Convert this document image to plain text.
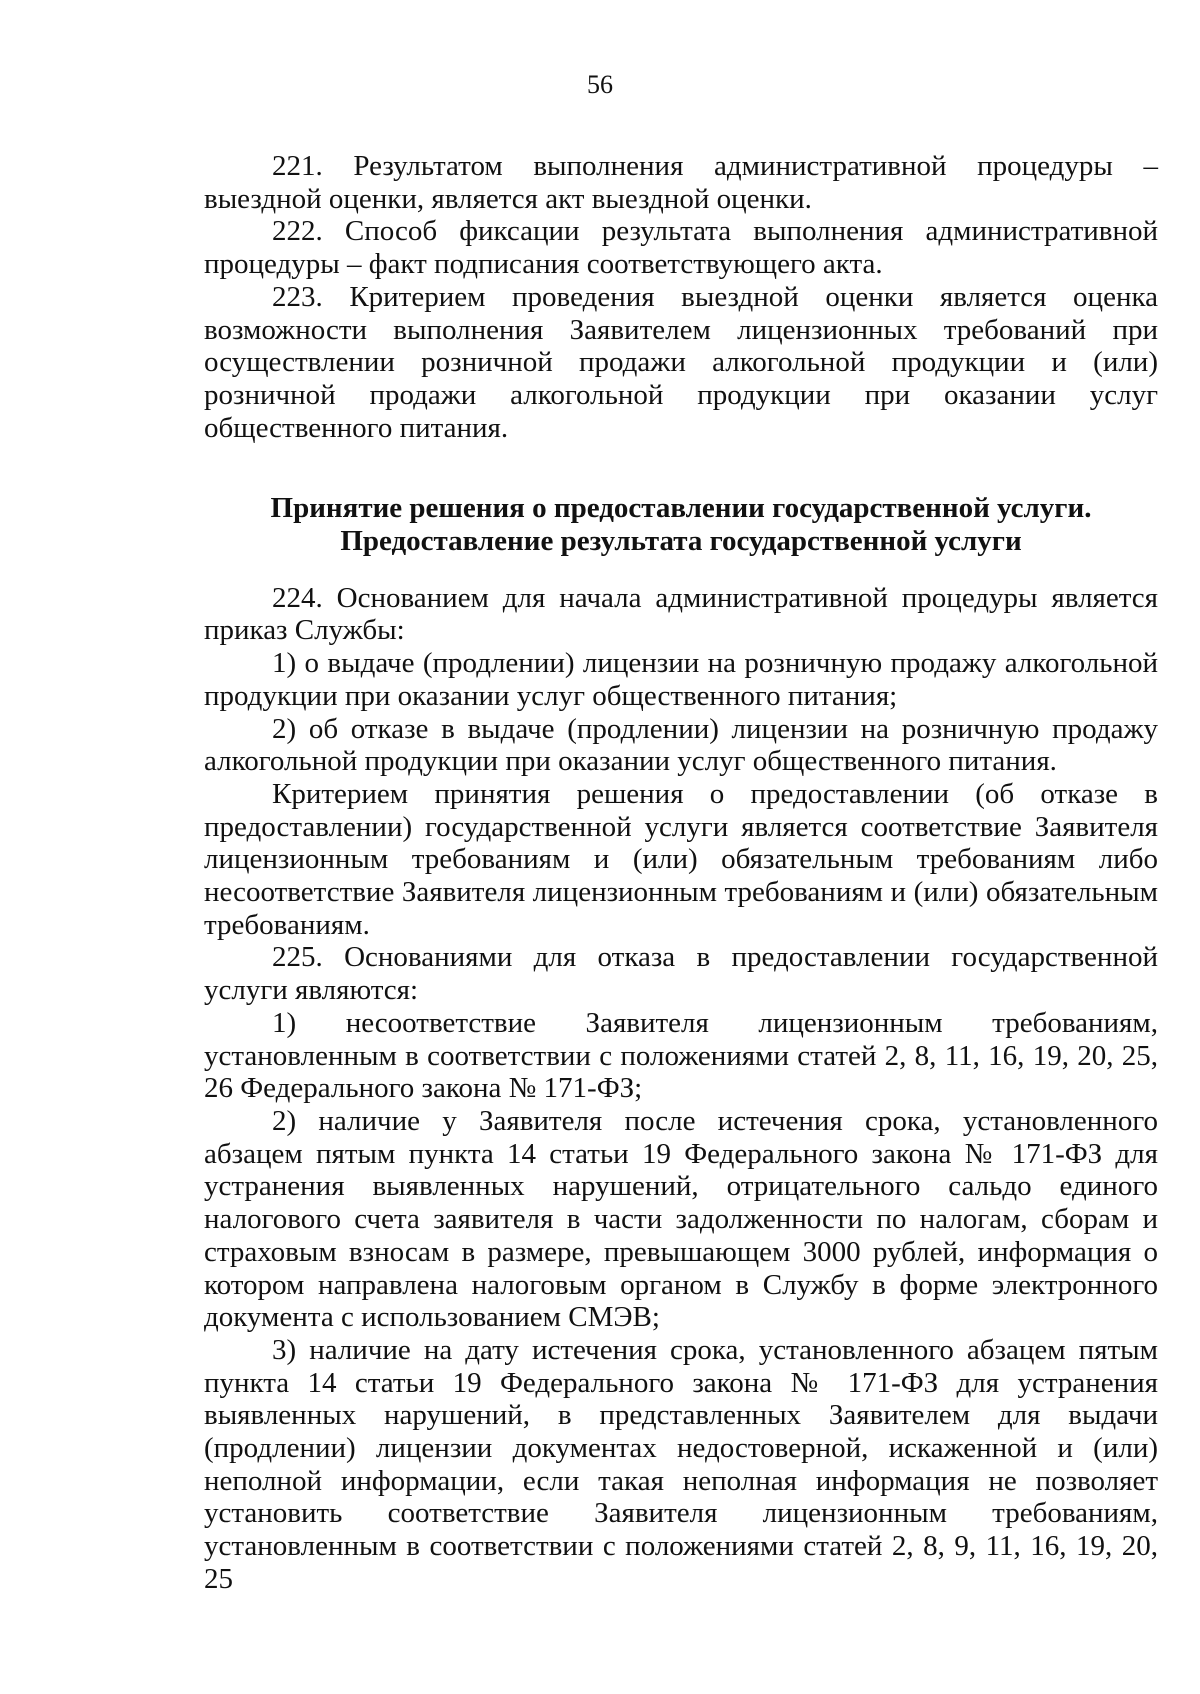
56

221. Результатом выполнения административной процедуры – выездной оценки, является акт выездной оценки.

222. Способ фиксации результата выполнения административной процедуры – факт подписания соответствующего акта.

223. Критерием проведения выездной оценки является оценка возможности выполнения Заявителем лицензионных требований при осуществлении розничной продажи алкогольной продукции и (или) розничной продажи алкогольной продукции при оказании услуг общественного питания.

Принятие решения о предоставлении государственной услуги.

Предоставление результата государственной услуги

224. Основанием для начала административной процедуры является приказ Службы:

1) о выдаче (продлении) лицензии на розничную продажу алкогольной продукции при оказании услуг общественного питания;

2) об отказе в выдаче (продлении) лицензии на розничную продажу алкогольной продукции при оказании услуг общественного питания.

Критерием принятия решения о предоставлении (об отказе в предоставлении) государственной услуги является соответствие Заявителя лицензионным требованиям и (или) обязательным требованиям либо несоответствие Заявителя лицензионным требованиям и (или) обязательным требованиям.

225. Основаниями для отказа в предоставлении государственной услуги являются:

1) несоответствие Заявителя лицензионным требованиям, установленным в соответствии с положениями статей 2, 8, 11, 16, 19, 20, 25, 26 Федерального закона № 171-ФЗ;

2) наличие у Заявителя после истечения срока, установленного абзацем пятым пункта 14 статьи 19 Федерального закона № 171-ФЗ для устранения выявленных нарушений, отрицательного сальдо единого налогового счета заявителя в части задолженности по налогам, сборам и страховым взносам в размере, превышающем 3000 рублей, информация о котором направлена налоговым органом в Службу в форме электронного документа с использованием СМЭВ;

3) наличие на дату истечения срока, установленного абзацем пятым пункта 14 статьи 19 Федерального закона № 171-ФЗ для устранения выявленных нарушений, в представленных Заявителем для выдачи (продлении) лицензии документах недостоверной, искаженной и (или) неполной информации, если такая неполная информация не позволяет установить соответствие Заявителя лицензионным требованиям, установленным в соответствии с положениями статей 2, 8, 9, 11, 16, 19, 20, 25
